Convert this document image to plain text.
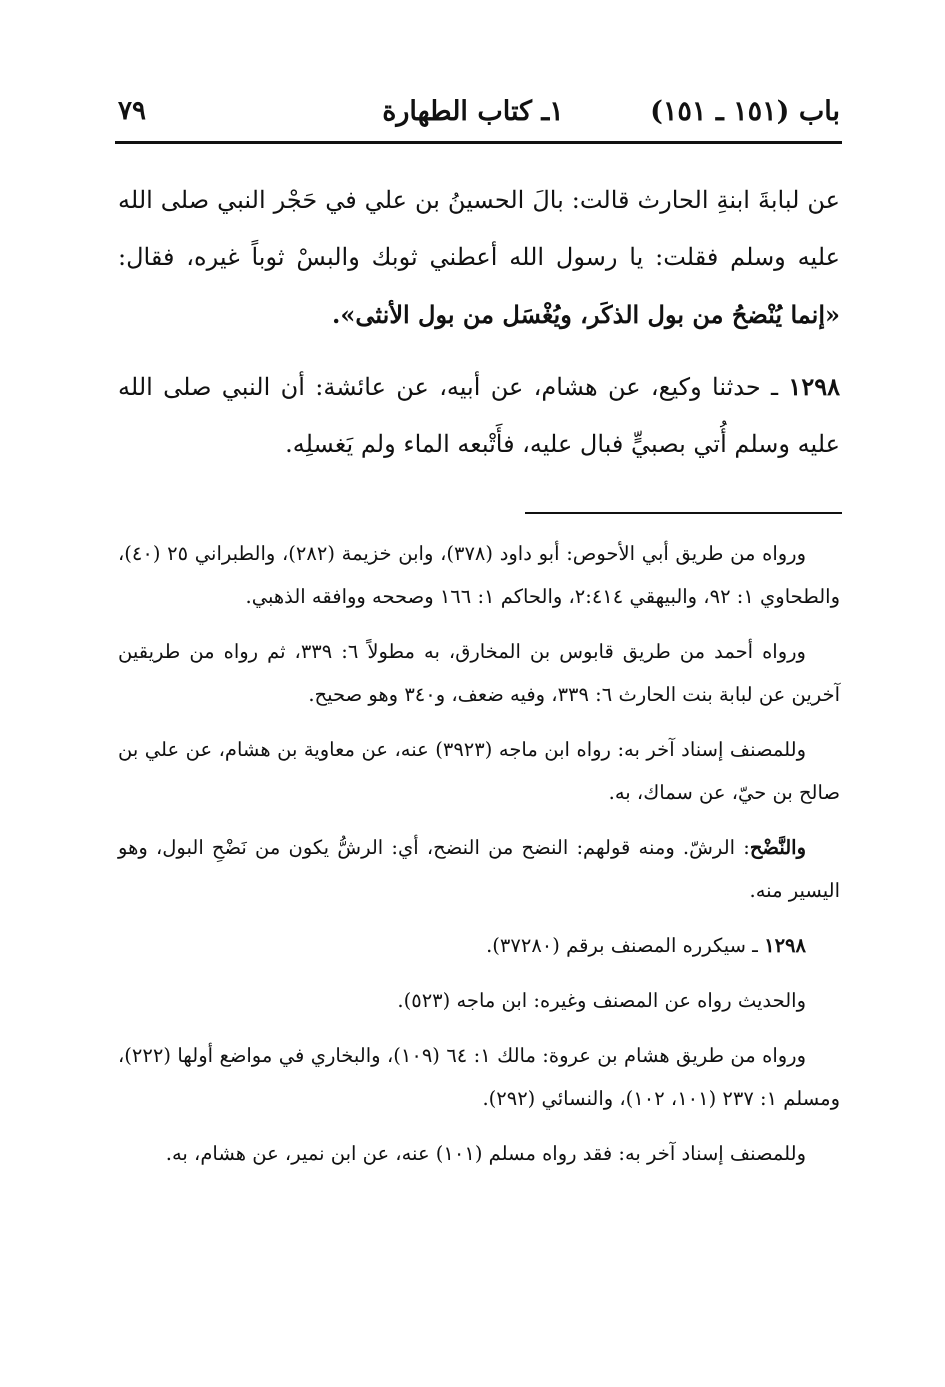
باب (١٥١ ـ ١٥١)
١ـ كتاب الطهارة
٧٩

عن لبابةَ ابنةِ الحارث قالت: بالَ الحسينُ بن علي في حَجْر النبي صلى الله عليه وسلم فقلت: يا رسول الله أعطني ثوبك والبسْ ثوباً غيره، فقال: «إنما يُنْضحُ من بول الذكَر، ويُغْسَل من بول الأنثى».

١٢٩٨ ـ حدثنا وكيع، عن هشام، عن أبيه، عن عائشة: أن النبي صلى الله عليه وسلم أُتي بصبيٍّ فبال عليه، فأَتْبعه الماء ولم يَغسلِه.

ورواه من طريق أبي الأحوص: أبو داود (٣٧٨)، وابن خزيمة (٢٨٢)، والطبراني ٢٥ (٤٠)، والطحاوي ١: ٩٢، والبيهقي ٢:٤١٤، والحاكم ١: ١٦٦ وصححه ووافقه الذهبي.

ورواه أحمد من طريق قابوس بن المخارق، به مطولاً ٦: ٣٣٩، ثم رواه من طريقين آخرين عن لبابة بنت الحارث ٦: ٣٣٩، وفيه ضعف، و٣٤٠ وهو صحيح.

وللمصنف إسناد آخر به: رواه ابن ماجه (٣٩٢٣) عنه، عن معاوية بن هشام، عن علي بن صالح بن حيّ، عن سماك، به.

والنَّضْح: الرشّ. ومنه قولهم: النضح من النضح، أي: الرشُّ يكون من نَضْحِ البول، وهو اليسير منه.

١٢٩٨ ـ سيكرره المصنف برقم (٣٧٢٨٠).

والحديث رواه عن المصنف وغيره: ابن ماجه (٥٢٣).

ورواه من طريق هشام بن عروة: مالك ١: ٦٤ (١٠٩)، والبخاري في مواضع أولها (٢٢٢)، ومسلم ١: ٢٣٧ (١٠١، ١٠٢)، والنسائي (٢٩٢).

وللمصنف إسناد آخر به: فقد رواه مسلم (١٠١) عنه، عن ابن نمير، عن هشام، به.
